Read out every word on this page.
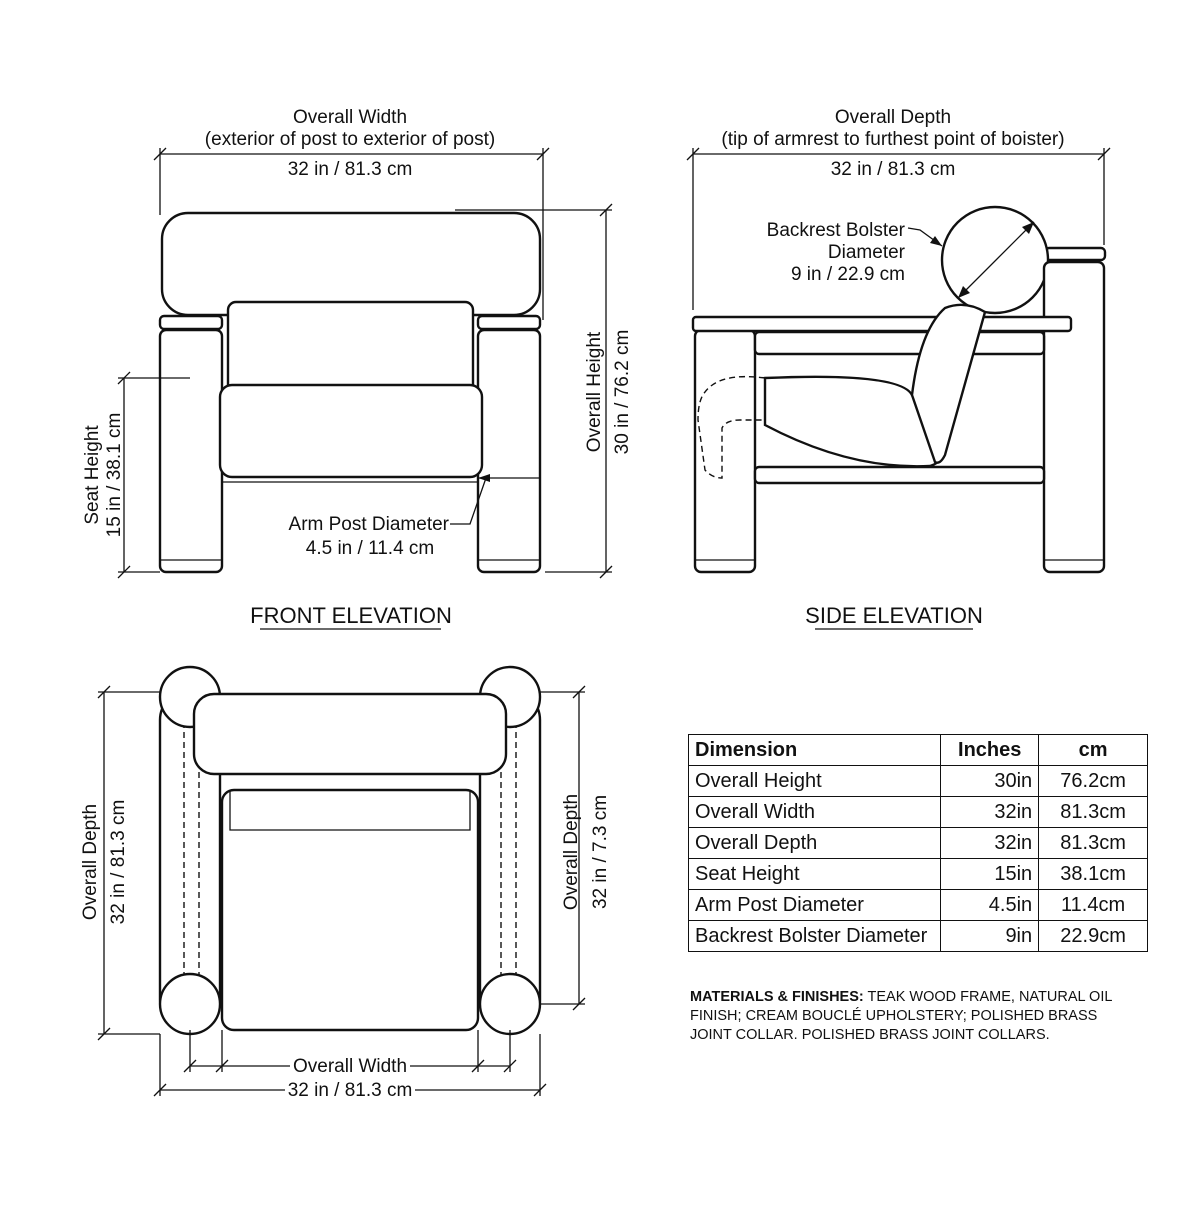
Overall Width
(exterior of post to exterior of post)
32 in / 81.3 cm
Seat Height 15 in / 38.1 cm
Overall Height 30 in / 76.2 cm
Arm Post Diameter
4.5 in / 11.4 cm
FRONT ELEVATION
Overall Depth
(tip of armrest to furthest point of boister)
32 in / 81.3 cm
Backrest Bolster
Diameter
9 in / 22.9 cm
SIDE ELEVATION
Overall Depth 32 in / 81.3 cm	Overall Depth 32 in / 7.3 cm
Overall Width
32 in / 81.3 cm
Dimension	Inches	cm
Overall Height	30in	76.2cm
Overall Width	32in	81.3cm
Overall Depth	32in	81.3cm
Seat Height	15in	38.1cm
Arm Post Diameter	4.5in	11.4cm
Backrest Bolster Diameter	9in	22.9cm
MATERIALS & FINISHES: TEAK WOOD FRAME, NATURAL OIL FINISH; CREAM BOUCLÉ UPHOLSTERY; POLISHED BRASS JOINT COLLAR. POLISHED BRASS JOINT COLLARS.
